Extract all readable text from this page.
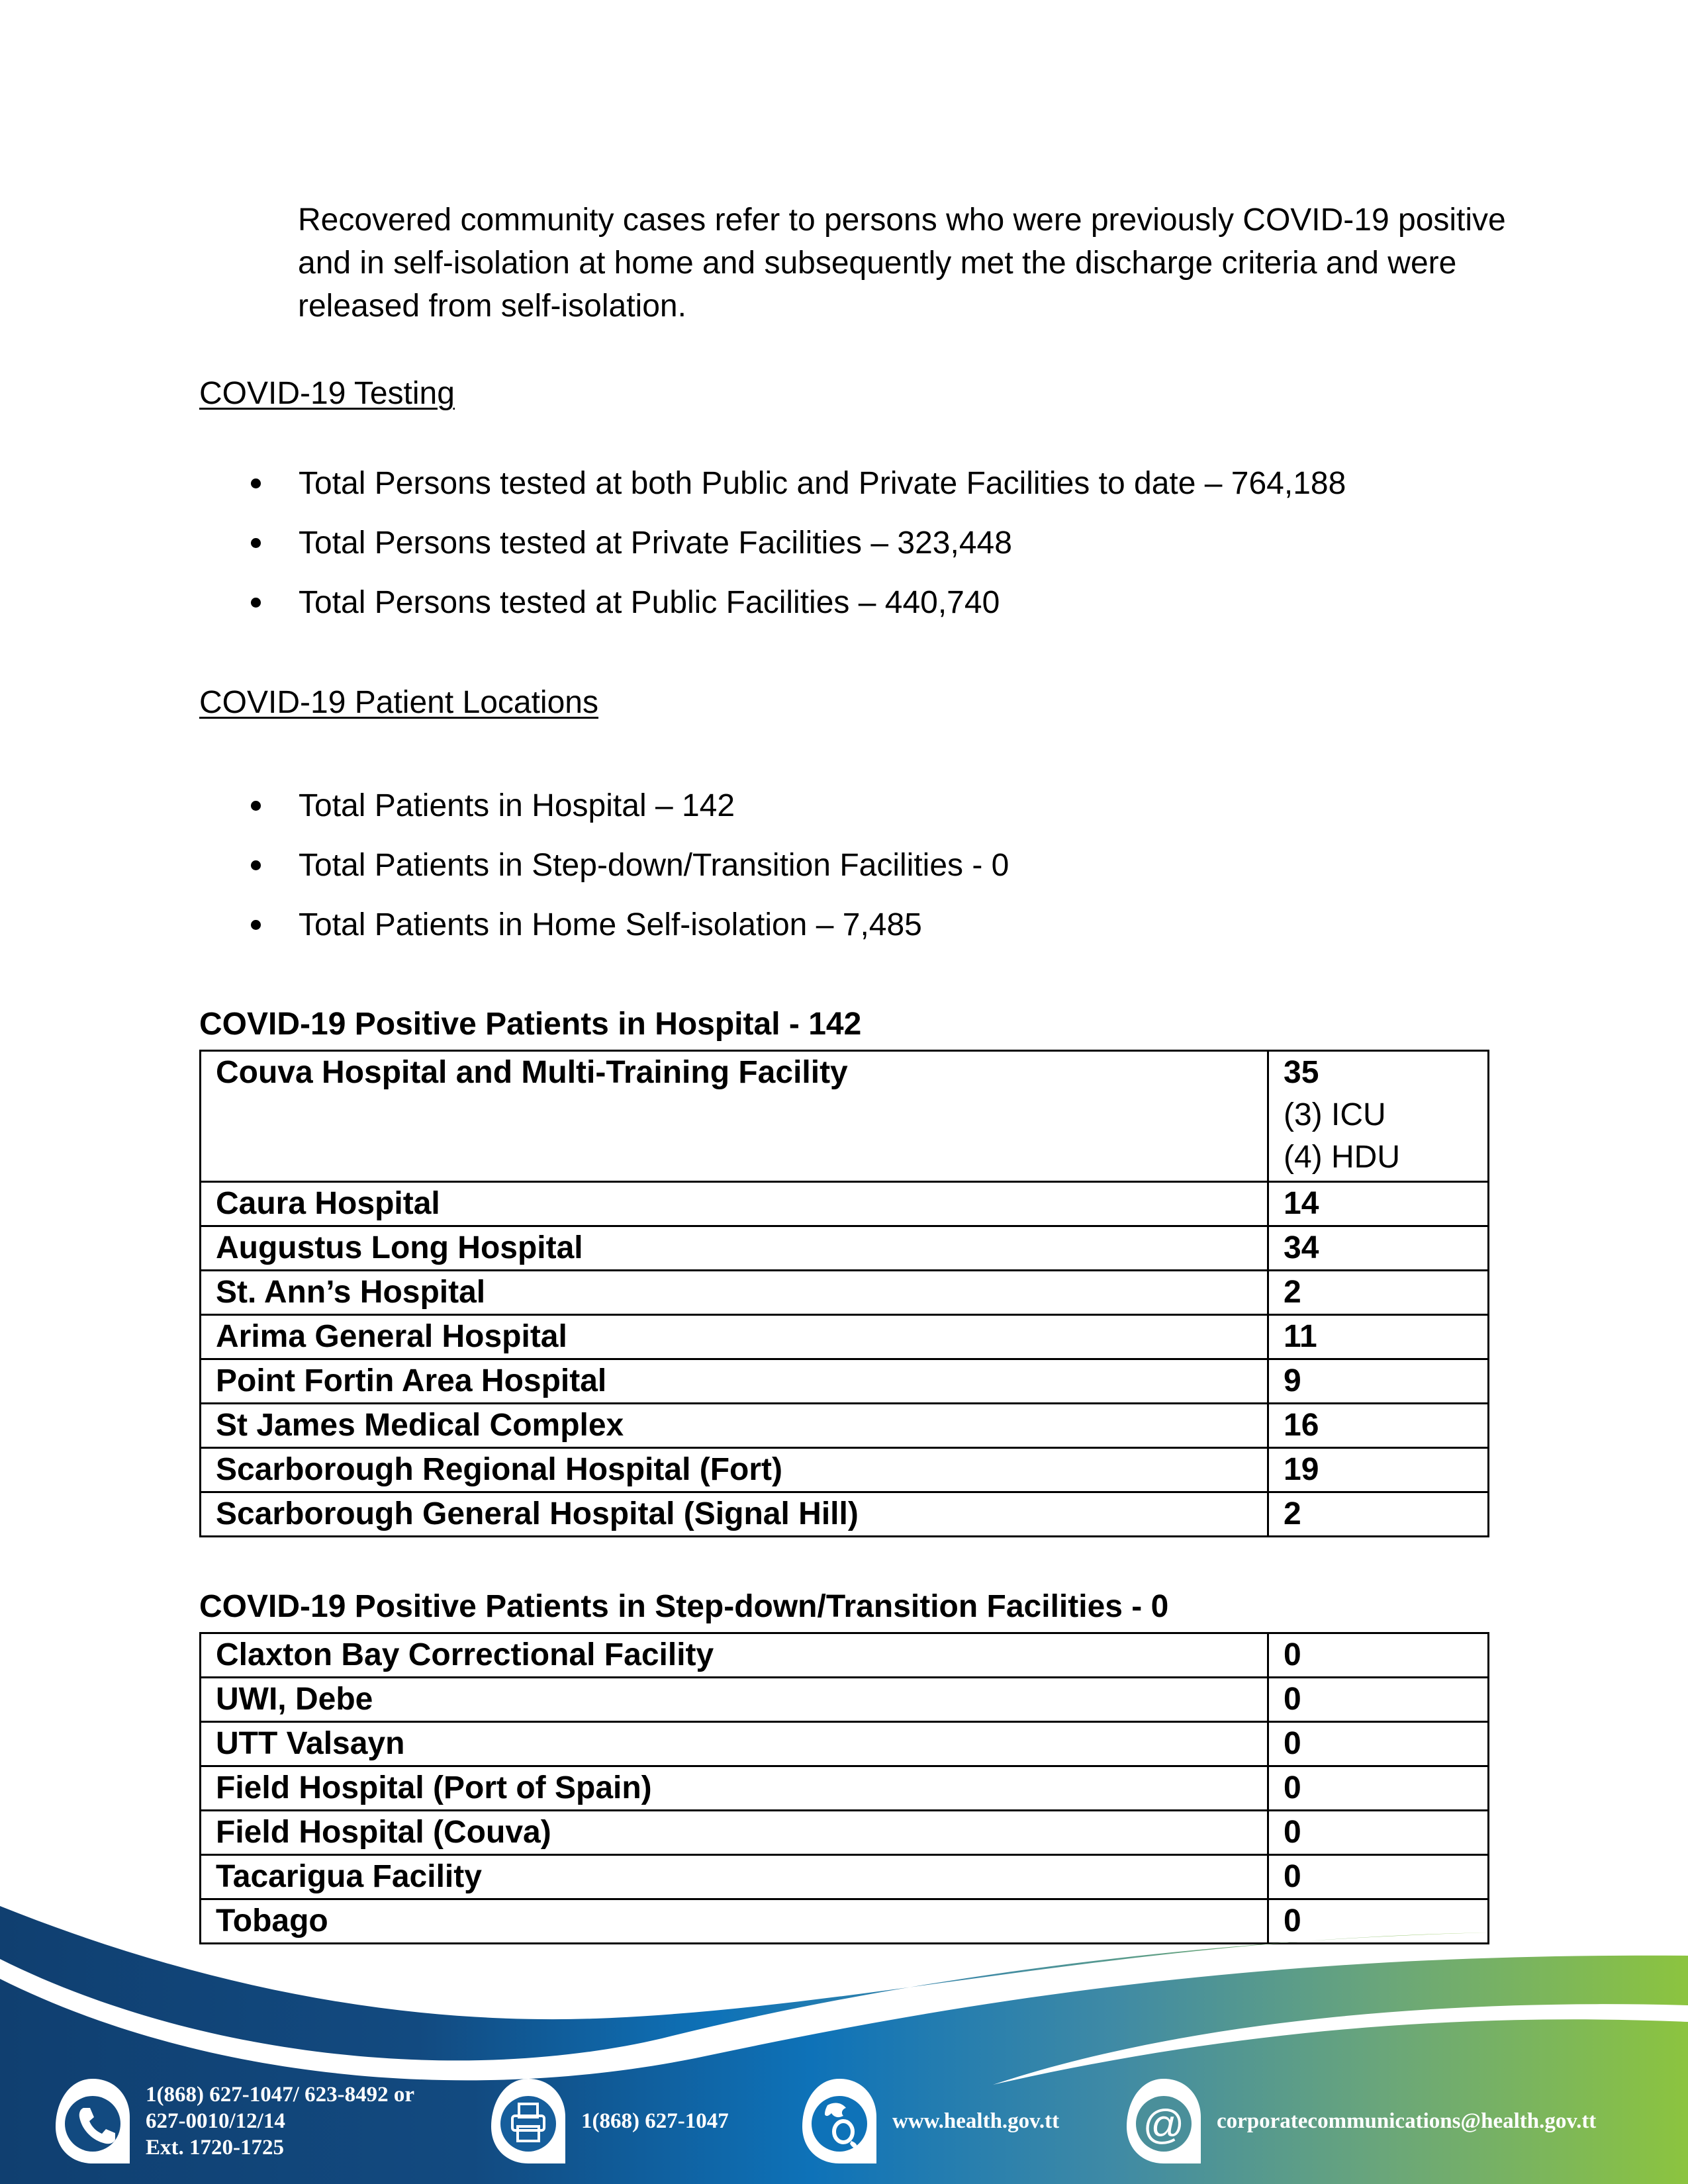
Recovered community cases refer to persons who were previously COVID-19 positive
and in self-isolation at home and subsequently met the discharge criteria and were
released from self-isolation.
COVID-19 Testing
Total Persons tested at both Public and Private Facilities to date – 764,188
Total Persons tested at Private Facilities – 323,448
Total Persons tested at Public Facilities – 440,740
COVID-19 Patient Locations
Total Patients in Hospital – 142
Total Patients in Step-down/Transition Facilities - 0
Total Patients in Home Self-isolation – 7,485
COVID-19 Positive Patients in Hospital - 142
Couva Hospital and Multi-Training Facility	35
(3) ICU
(4) HDU

Caura Hospital	14
Augustus Long Hospital	34
St. Ann’s Hospital	2
Arima General Hospital	11
Point Fortin Area Hospital	9
St James Medical Complex	16
Scarborough Regional Hospital (Fort)	19
Scarborough General Hospital (Signal Hill)	2
COVID-19 Positive Patients in Step-down/Transition Facilities - 0
Claxton Bay Correctional Facility	0
UWI, Debe	0
UTT Valsayn	0
Field Hospital (Port of Spain)	0
Field Hospital (Couva)	0
Tacarigua Facility	0
Tobago	0
1(868) 627-1047/ 623-8492 or
627-0010/12/14
Ext. 1720-1725
1(868) 627-1047	www.health.gov.tt @ corporatecommunications@health.gov.tt
